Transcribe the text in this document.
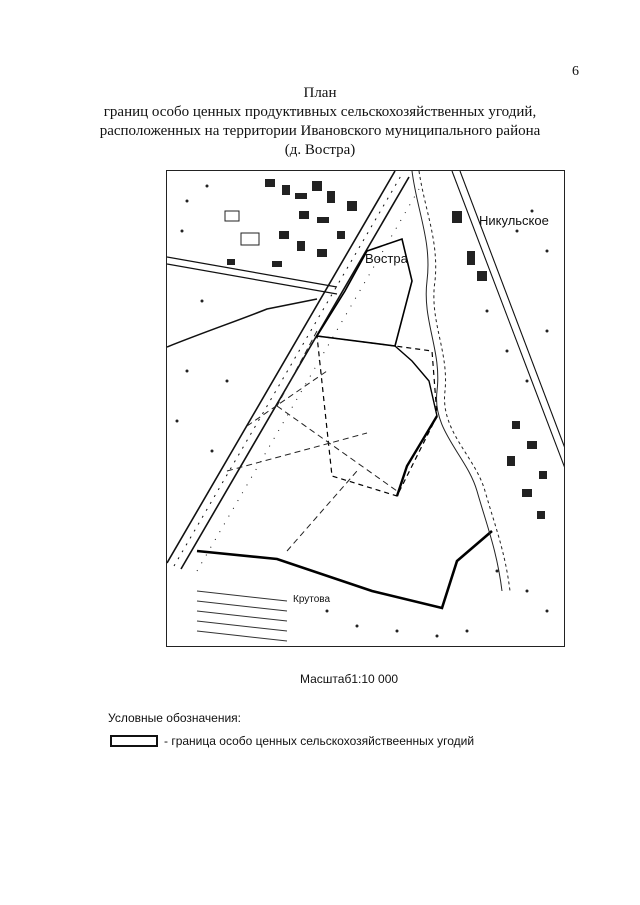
6
План
границ особо ценных продуктивных сельскохозяйственных угодий,
расположенных на территории Ивановского муниципального района
(д. Востра)
Востра
Никульское
Крутова
Масштаб1:10 000
Условные обозначения:
- граница особо ценных сельскохозяйствеенных угодий
